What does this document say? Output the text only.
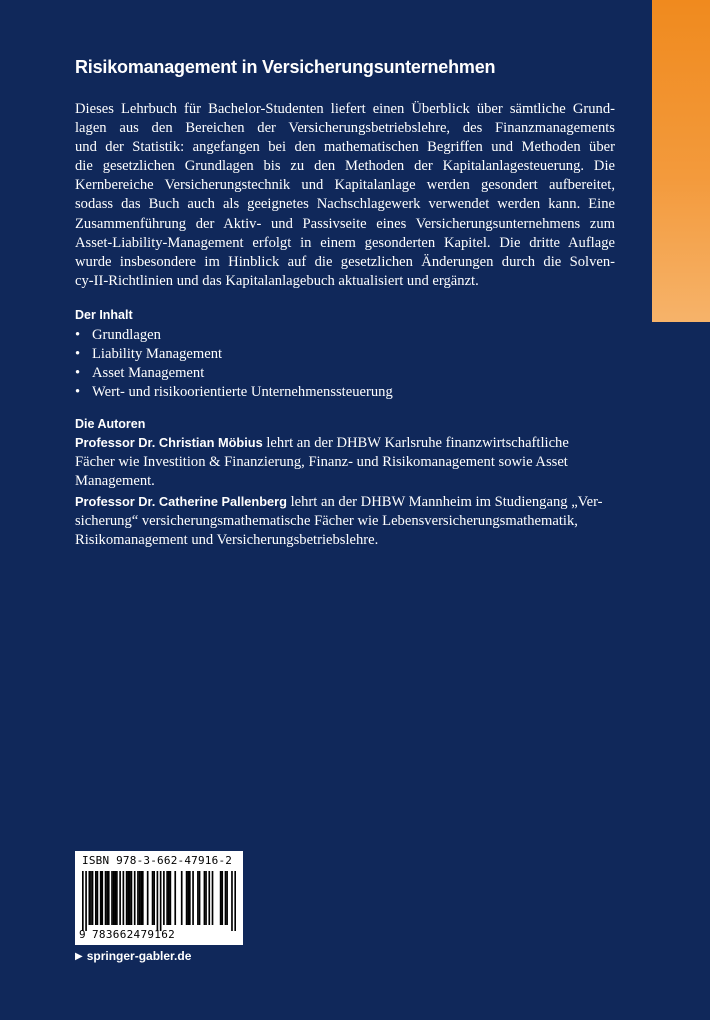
Risikomanagement in Versicherungsunternehmen

Dieses Lehrbuch für Bachelor-Studenten liefert einen Überblick über sämtliche Grund-
lagen aus den Bereichen der Versicherungsbetriebslehre, des Finanzmanagements
und der Statistik: angefangen bei den mathematischen Begriffen und Methoden über
die gesetzlichen Grundlagen bis zu den Methoden der Kapitalanlagesteuerung. Die
Kernbereiche Versicherungstechnik und Kapitalanlage werden gesondert aufbereitet,
sodass das Buch auch als geeignetes Nachschlagewerk verwendet werden kann. Eine
Zusammenführung der Aktiv- und Passivseite eines Versicherungsunternehmens zum
Asset-Liability-Management erfolgt in einem gesonderten Kapitel. Die dritte Auflage
wurde insbesondere im Hinblick auf die gesetzlichen Änderungen durch die Solven-
cy-II-Richtlinien und das Kapitalanlagebuch aktualisiert und ergänzt.

Der Inhalt
• Grundlagen
• Liability Management
• Asset Management
• Wert- und risikoorientierte Unternehmenssteuerung
Die Autoren

Professor Dr. Christian Möbius lehrt an der DHBW Karlsruhe finanzwirtschaftliche
Fächer wie Investition & Finanzierung, Finanz- und Risikomanagement sowie Asset
Management.

Professor Dr. Catherine Pallenberg lehrt an der DHBW Mannheim im Studiengang „Ver-
sicherung“ versicherungsmathematische Fächer wie Lebensversicherungsmathematik,
Risikomanagement und Versicherungsbetriebslehre.

ISBN 978-3-662-47916-2
9 783662479162
▶ springer-gabler.de
